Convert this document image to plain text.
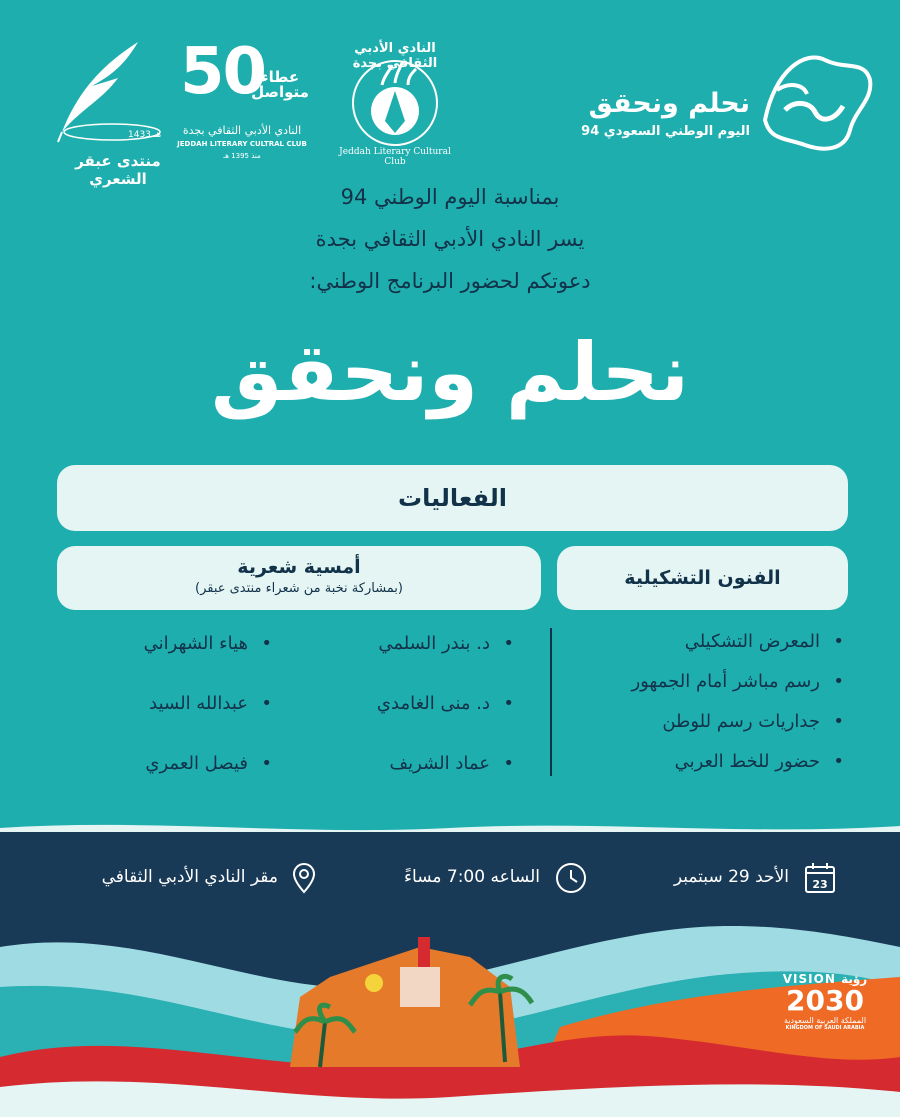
1433 هـ
منتدى عبقر الشعري
50
عطاء متواصل
النادي الأدبي الثقافي بجدة
JEDDAH LITERARY CULTRAL CLUB
منذ 1395 هـ
النادي الأدبي الثقافي بجدة
Jeddah Literary Cultural Club
نحلم ونحقق
اليوم الوطني السعودي 94
بمناسبة اليوم الوطني 94
يسر النادي الأدبي الثقافي بجدة
دعوتكم لحضور البرنامج الوطني:
نحلم ونحقق
الفعاليات
الفنون التشكيلية
أمسية شعرية
(بمشاركة نخبة من شعراء منتدى عبقر)
• المعرض التشكيلي
• رسم مباشر أمام الجمهور
• جداريات رسم للوطن
• حضور للخط العربي
• د. بندر السلمي
• د. منى الغامدي
• عماد الشريف
• هياء الشهراني
• عبدالله السيد
• فيصل العمري
23
الأحد 29 سبتمبر
الساعه 7:00 مساءً
مقر النادي الأدبي الثقافي
VISION رؤية
2030
المملكة العربية السعودية
KINGDOM OF SAUDI ARABIA
